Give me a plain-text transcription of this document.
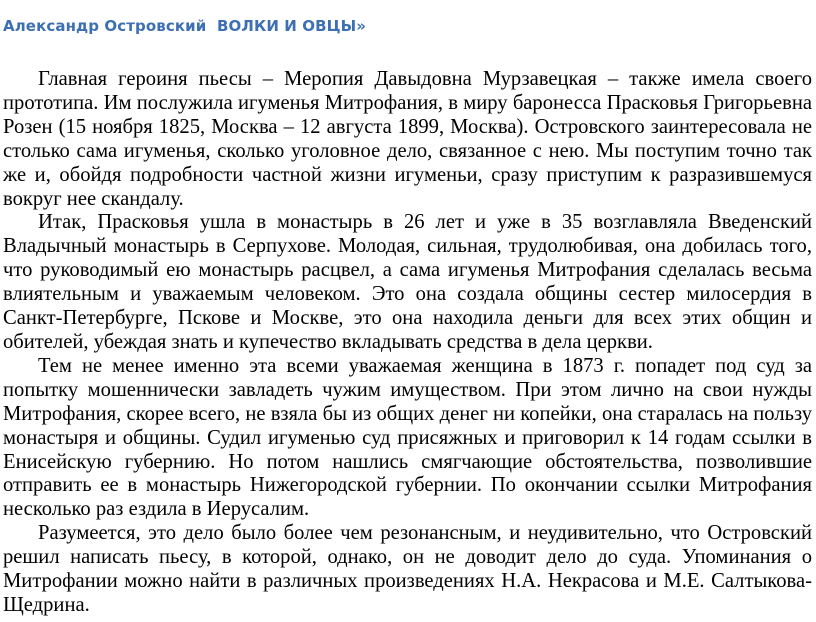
Александр Островский  ВОЛКИ И ОВЦЫ»

Главная героиня пьесы – Меропия Давыдовна Мурзавецкая – также имела своего прототипа. Им послужила игуменья Митрофания, в миру баронесса Прасковья Григорьевна Розен (15 ноября 1825, Москва – 12 августа 1899, Москва). Островского заинтересовала не столько сама игуменья, сколько уголовное дело, связанное с нею. Мы поступим точно так же и, обойдя подробности частной жизни игуменьи, сразу приступим к разразившемуся вокруг нее скандалу.

Итак, Прасковья ушла в монастырь в 26 лет и уже в 35 возглавляла Введенский Владычный монастырь в Серпухове. Молодая, сильная, трудолюбивая, она добилась того, что руководимый ею монастырь расцвел, а сама игуменья Митрофания сделалась весьма влиятельным и уважаемым человеком. Это она создала общины сестер милосердия в Санкт-Петербурге, Пскове и Москве, это она находила деньги для всех этих общин и обителей, убеждая знать и купечество вкладывать средства в дела церкви.

Тем не менее именно эта всеми уважаемая женщина в 1873 г. попадет под суд за попытку мошеннически завладеть чужим имуществом. При этом лично на свои нужды Митрофания, скорее всего, не взяла бы из общих денег ни копейки, она старалась на пользу монастыря и общины. Судил игуменью суд присяжных и приговорил к 14 годам ссылки в Енисейскую губернию. Но потом нашлись смягчающие обстоятельства, позволившие отправить ее в монастырь Нижегородской губернии. По окончании ссылки Митрофания несколько раз ездила в Иерусалим.

Разумеется, это дело было более чем резонансным, и неудивительно, что Островский решил написать пьесу, в которой, однако, он не доводит дело до суда. Упоминания о Митрофании можно найти в различных произведениях Н.А. Некрасова и М.Е. Салтыкова-Щедрина.
